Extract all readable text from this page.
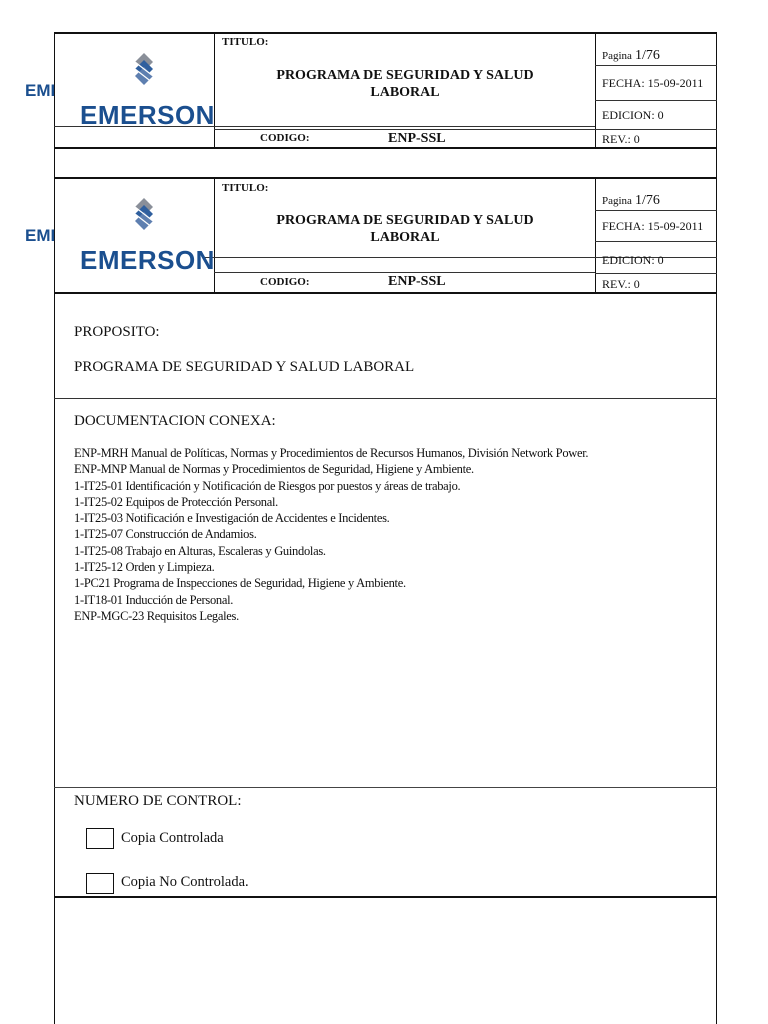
TITULO:
PROGRAMA DE SEGURIDAD Y SALUD
LABORAL
CODIGO:	ENP-SSL
Pagina 1/76
FECHA: 15-09-2011
EDICION: 0
REV.: 0
EMERSON
EMI
TITULO:
PROGRAMA DE SEGURIDAD Y SALUD
LABORAL
CODIGO:	ENP-SSL
Pagina 1/76
FECHA: 15-09-2011
EDICION: 0
REV.: 0
EMERSON
EMI
PROPOSITO:
PROGRAMA DE SEGURIDAD Y SALUD LABORAL
DOCUMENTACION CONEXA:
ENP-MRH Manual de Políticas, Normas y Procedimientos de Recursos Humanos, División Network Power.
ENP-MNP Manual de Normas y Procedimientos de Seguridad, Higiene y Ambiente.
1-IT25-01 Identificación y Notificación de Riesgos por puestos y áreas de trabajo.
1-IT25-02 Equipos de Protección Personal.
1-IT25-03 Notificación e Investigación de Accidentes e Incidentes.
1-IT25-07 Construcción de Andamios.
1-IT25-08 Trabajo en Alturas, Escaleras y Guindolas.
1-IT25-12 Orden y Limpieza.
1-PC21 Programa de Inspecciones de Seguridad, Higiene y Ambiente.
1-IT18-01 Inducción de Personal.
ENP-MGC-23 Requisitos Legales.
NUMERO DE CONTROL:
Copia Controlada
Copia No Controlada.
